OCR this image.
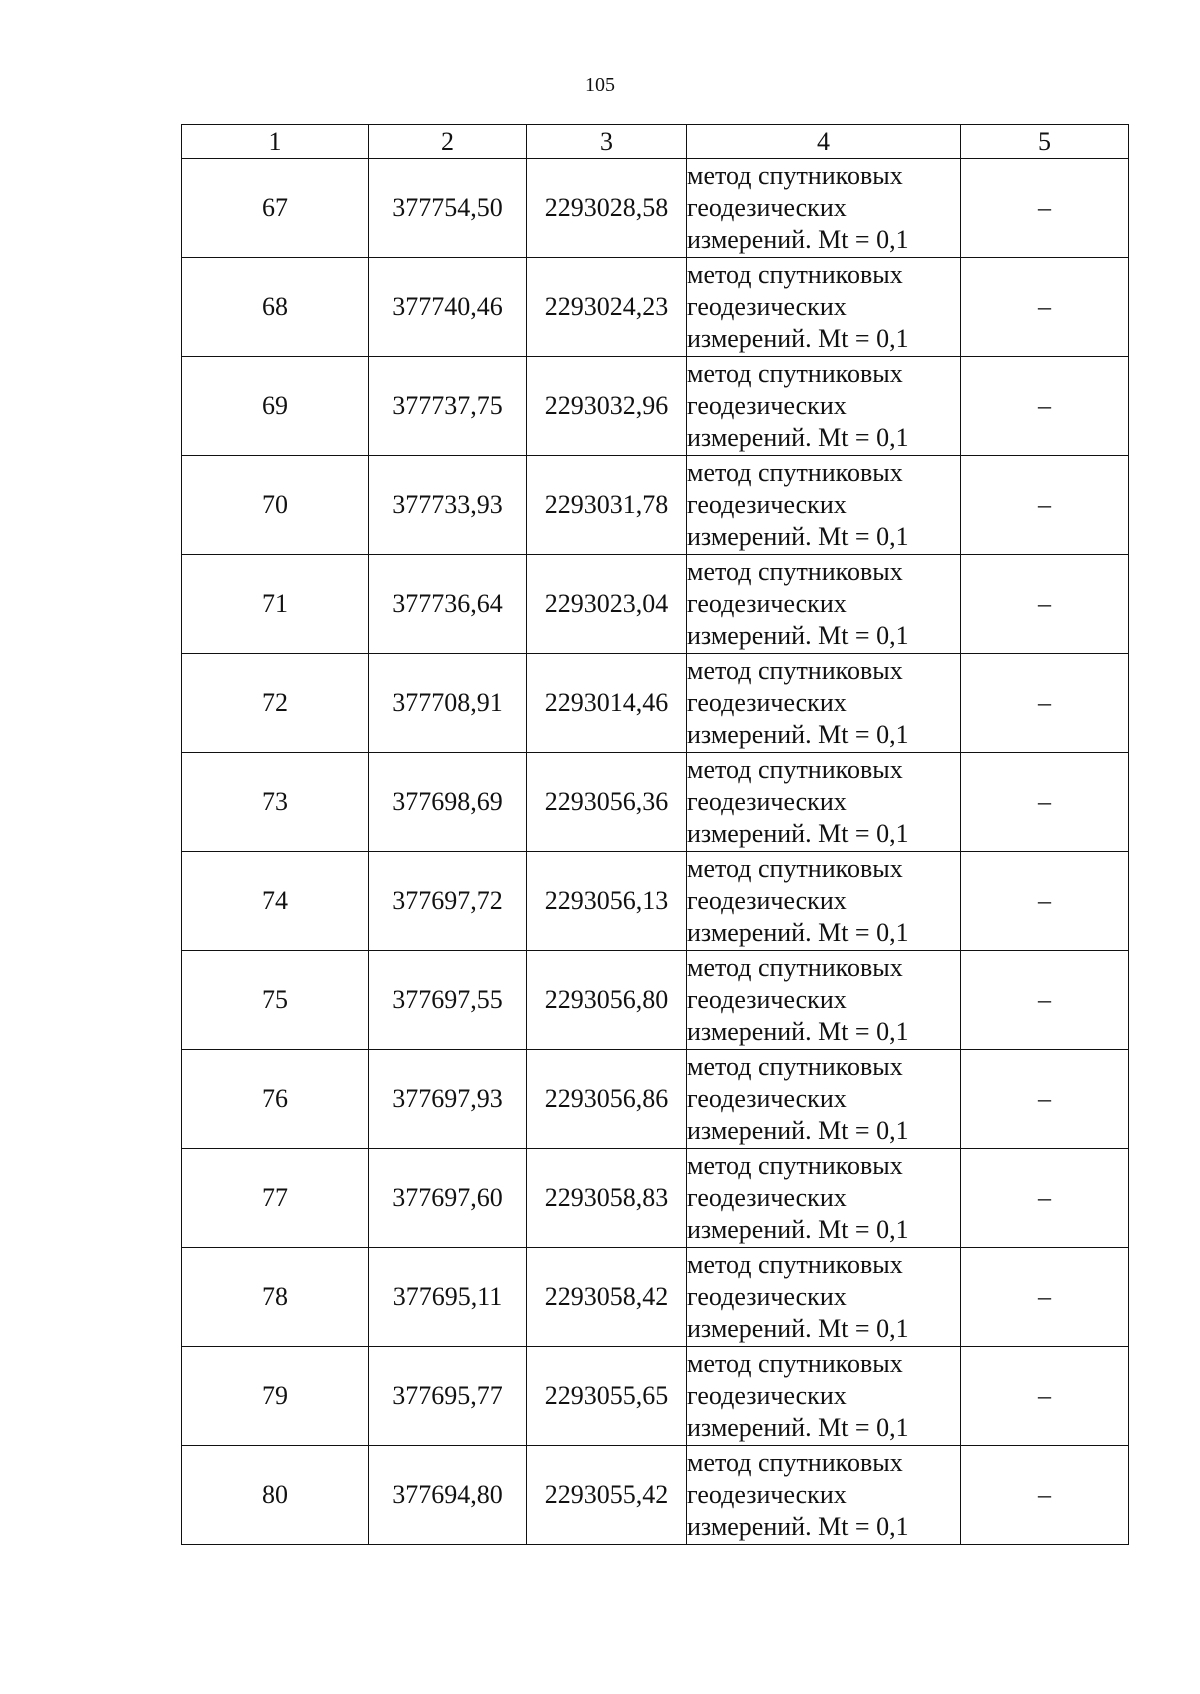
105
1	2	3	4	5
67	377754,50	2293028,58	метод спутниковых
геодезических
измерений. Mt = 0,1	–
68	377740,46	2293024,23	метод спутниковых
геодезических
измерений. Mt = 0,1	–
69	377737,75	2293032,96	метод спутниковых
геодезических
измерений. Mt = 0,1	–
70	377733,93	2293031,78	метод спутниковых
геодезических
измерений. Mt = 0,1	–
71	377736,64	2293023,04	метод спутниковых
геодезических
измерений. Mt = 0,1	–
72	377708,91	2293014,46	метод спутниковых
геодезических
измерений. Mt = 0,1	–
73	377698,69	2293056,36	метод спутниковых
геодезических
измерений. Mt = 0,1	–
74	377697,72	2293056,13	метод спутниковых
геодезических
измерений. Mt = 0,1	–
75	377697,55	2293056,80	метод спутниковых
геодезических
измерений. Mt = 0,1	–
76	377697,93	2293056,86	метод спутниковых
геодезических
измерений. Mt = 0,1	–
77	377697,60	2293058,83	метод спутниковых
геодезических
измерений. Mt = 0,1	–
78	377695,11	2293058,42	метод спутниковых
геодезических
измерений. Mt = 0,1	–
79	377695,77	2293055,65	метод спутниковых
геодезических
измерений. Mt = 0,1	–
80	377694,80	2293055,42	метод спутниковых
геодезических
измерений. Mt = 0,1	–
